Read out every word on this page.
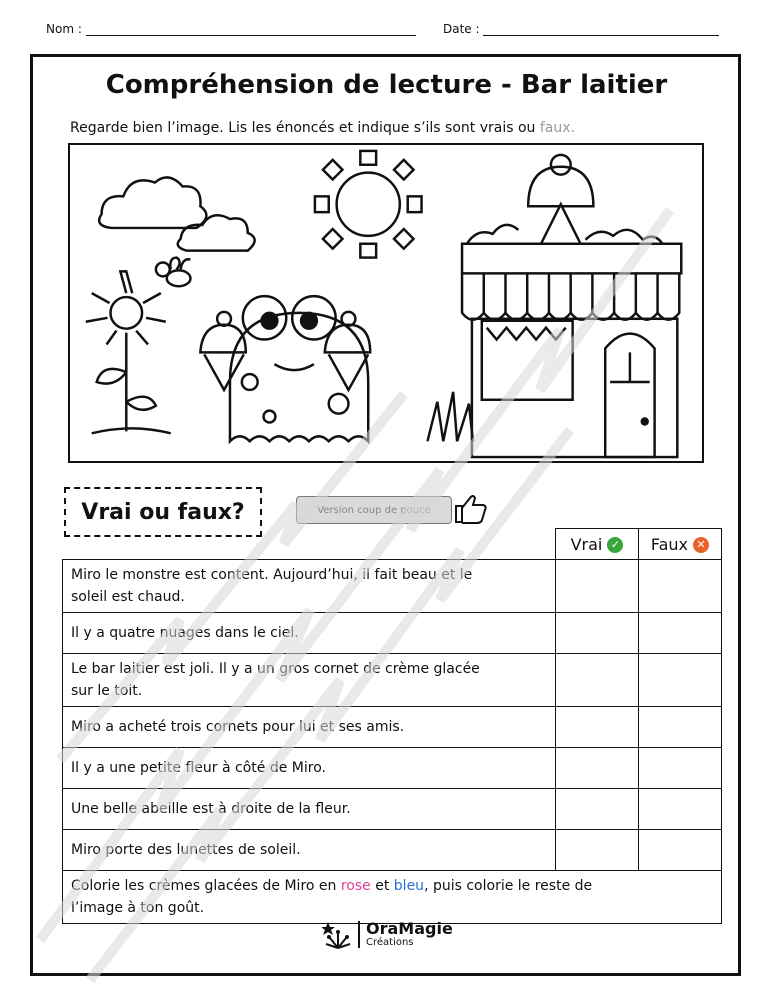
Nom :	Date :
Compréhension de lecture - Bar laitier
Regarde bien l’image. Lis les énoncés et indique s’ils sont vrais ou faux.
Vrai ou faux?	Version coup de pouce
	Vrai ✓	Faux ✕

Miro le monstre est content. Aujourd’hui, il fait beau et le
soleil est chaud.		

Il y a quatre nuages dans le ciel.		

Le bar laitier est joli. Il y a un gros cornet de crème glacée
sur le toit.		

Miro a acheté trois cornets pour lui et ses amis.		

Il y a une petite fleur à côté de Miro.		

Une belle abeille est à droite de la fleur.		

Miro porte des lunettes de soleil.		

Colorie les crèmes glacées de Miro en rose et bleu, puis colorie le reste de
l’image à ton goût.		
OraMagie
Créations
